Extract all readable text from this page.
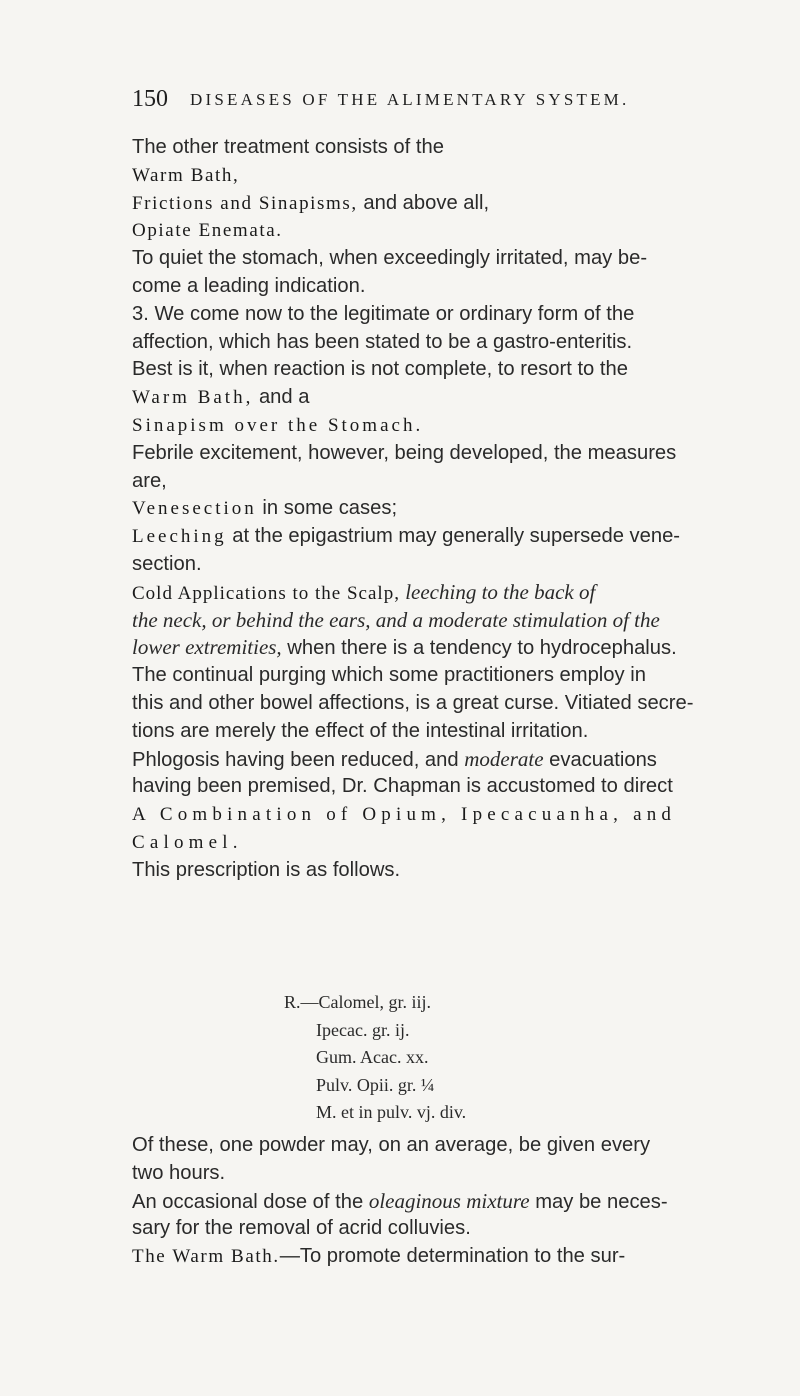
150 DISEASES OF THE ALIMENTARY SYSTEM.
The other treatment consists of the
Warm Bath,
Frictions and Sinapisms, and above all,
Opiate Enemata.
To quiet the stomach, when exceedingly irritated, may be-
come a leading indication.
3. We come now to the legitimate or ordinary form of the
affection, which has been stated to be a gastro-enteritis.
Best is it, when reaction is not complete, to resort to the
Warm Bath, and a
Sinapism over the Stomach.
Febrile excitement, however, being developed, the measures
are,
Venesection in some cases;
Leeching at the epigastrium may generally supersede vene-
section.
Cold Applications to the Scalp, leeching to the back of
the neck, or behind the ears, and a moderate stimulation of the
lower extremities, when there is a tendency to hydrocephalus.
The continual purging which some practitioners employ in
this and other bowel affections, is a great curse. Vitiated secre-
tions are merely the effect of the intestinal irritation.
Phlogosis having been reduced, and moderate evacuations
having been premised, Dr. Chapman is accustomed to direct
A Combination of Opium, Ipecacuanha, and
Calomel.
This prescription is as follows.
R.—Calomel, gr. iij.
Ipecac. gr. ij.
Gum. Acac. xx.
Pulv. Opii. gr. ¼
M. et in pulv. vj. div.
Of these, one powder may, on an average, be given every
two hours.
An occasional dose of the oleaginous mixture may be neces-
sary for the removal of acrid colluvies.
The Warm Bath.—To promote determination to the sur-
